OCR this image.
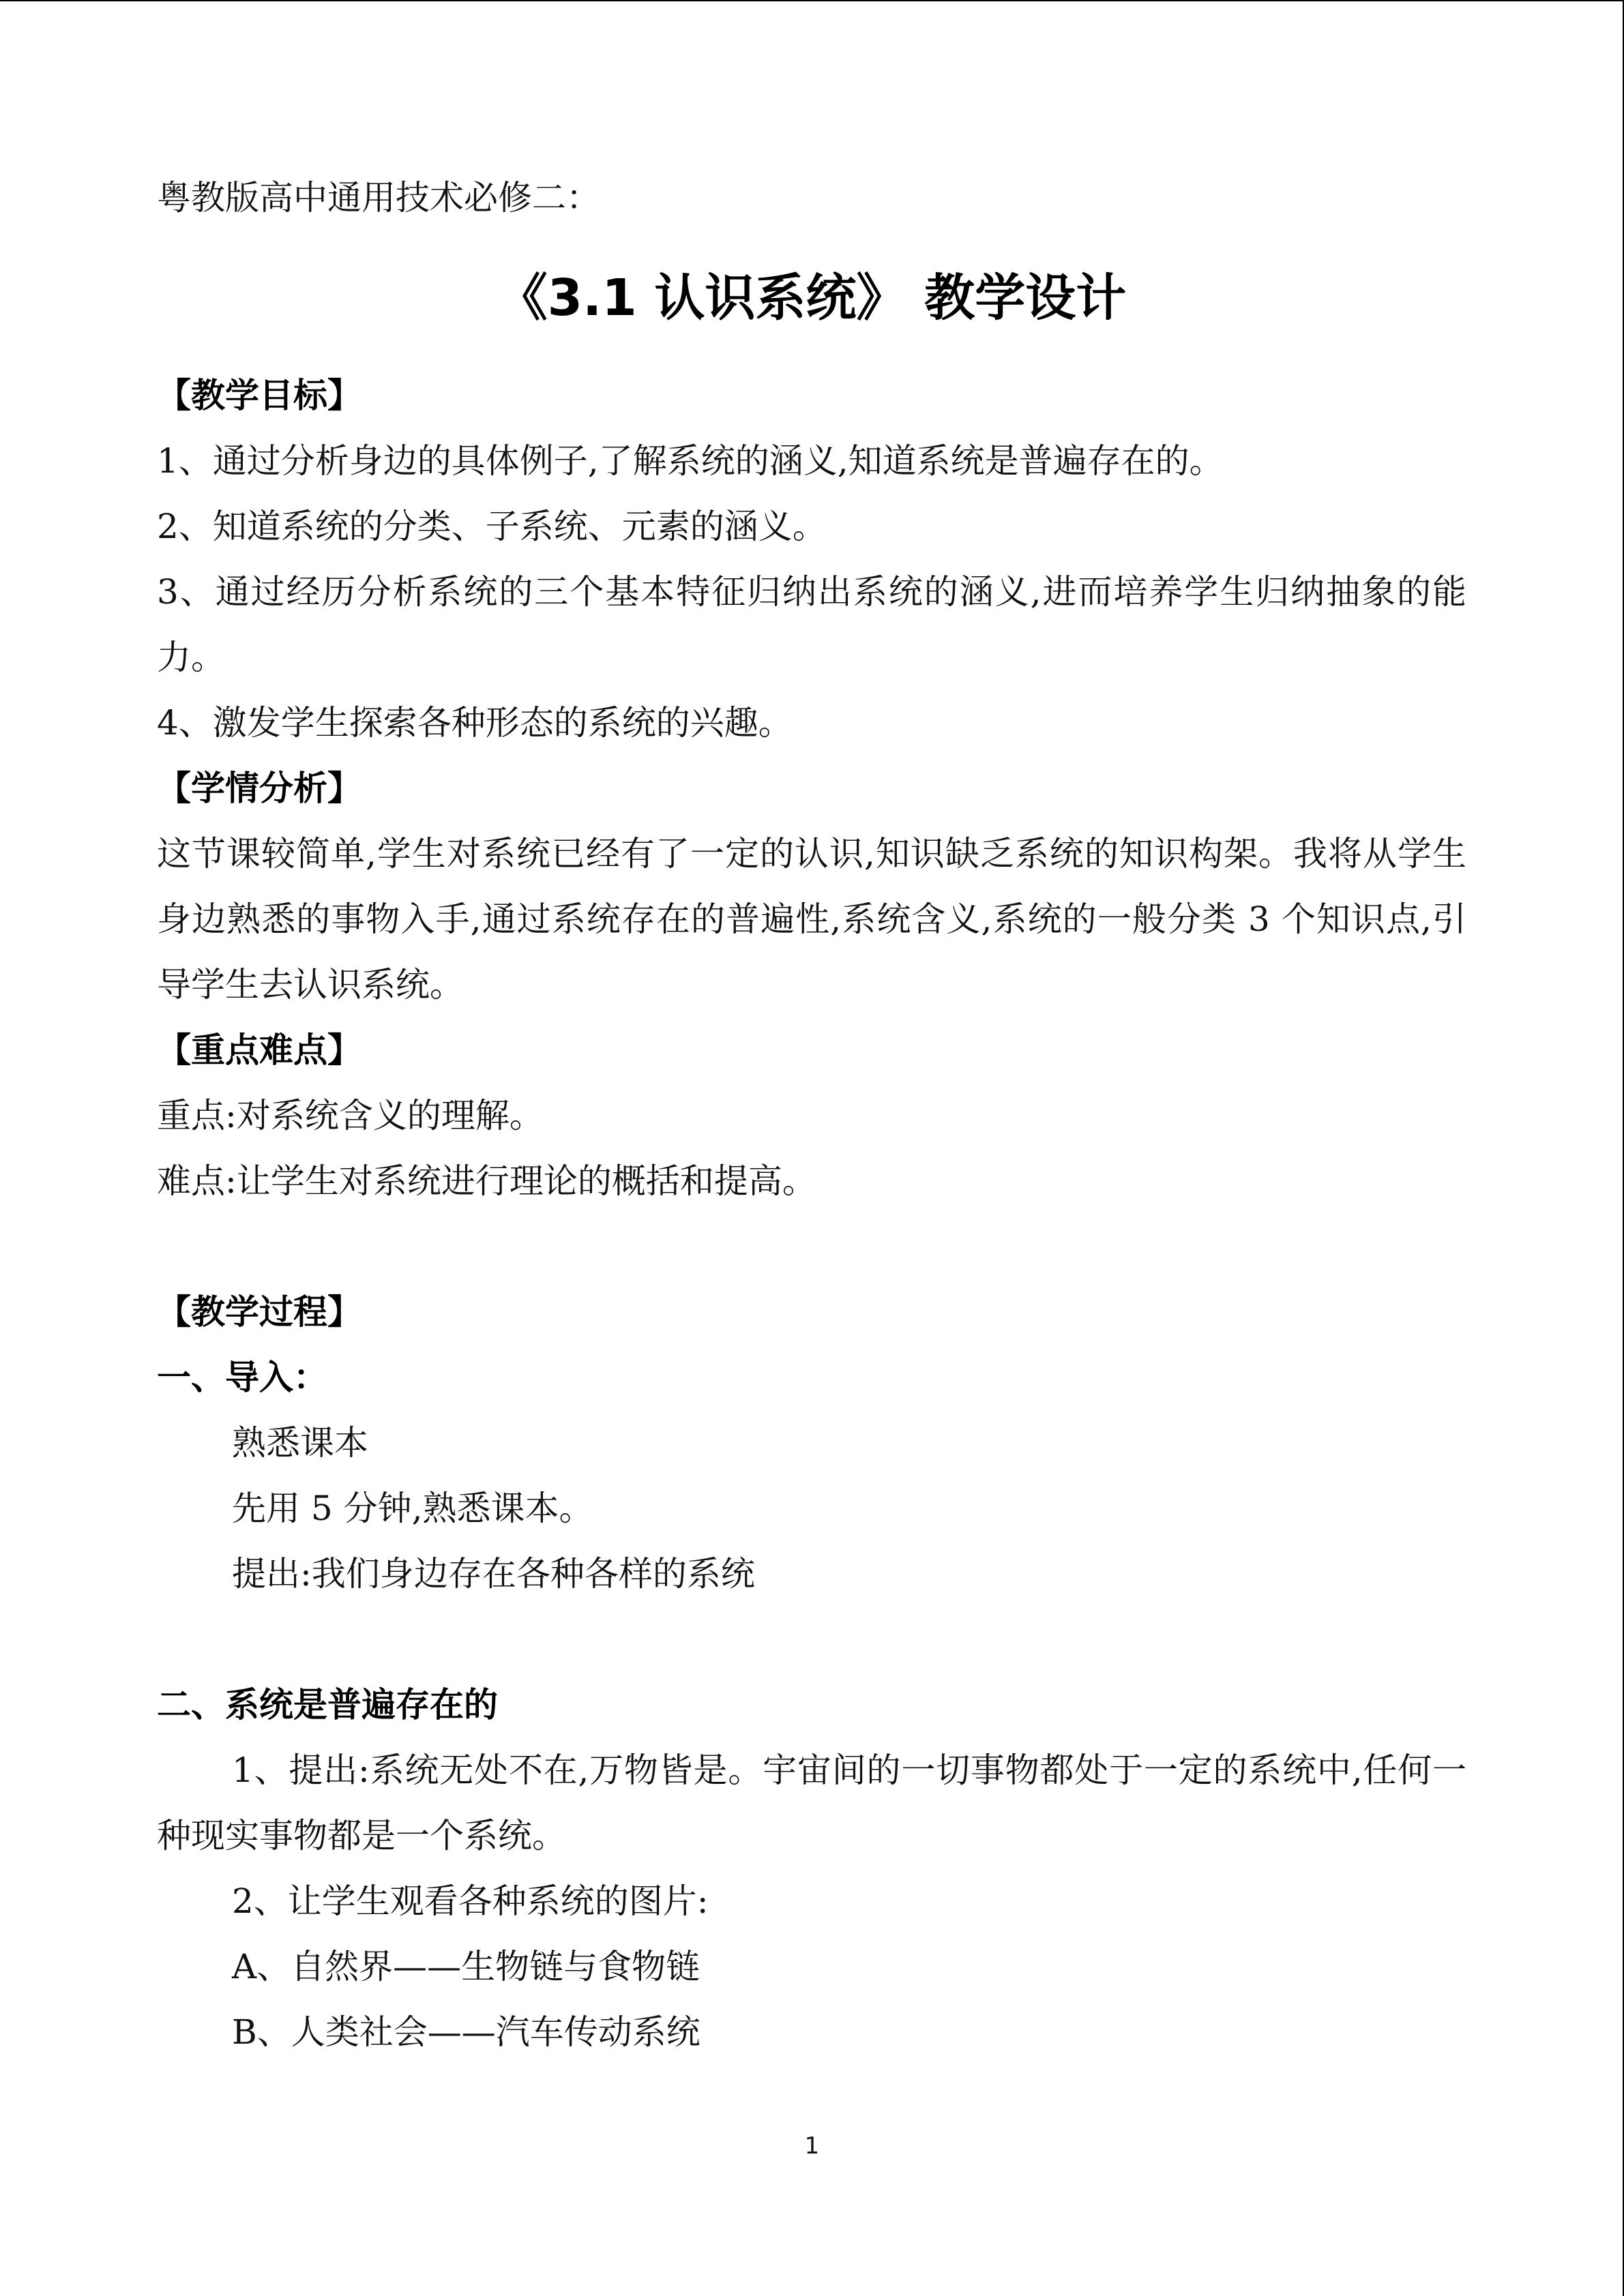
粤教版高中通用技术必修二：
《3.1 认识系统》 教学设计
【教学目标】
1、通过分析身边的具体例子,了解系统的涵义,知道系统是普遍存在的。
2、知道系统的分类、子系统、元素的涵义。
3、通过经历分析系统的三个基本特征归纳出系统的涵义,进而培养学生归纳抽象的能力。
4、激发学生探索各种形态的系统的兴趣。
【学情分析】
这节课较简单,学生对系统已经有了一定的认识,知识缺乏系统的知识构架。我将从学生身边熟悉的事物入手,通过系统存在的普遍性,系统含义,系统的一般分类 3 个知识点,引导学生去认识系统。
【重点难点】
重点:对系统含义的理解。
难点:让学生对系统进行理论的概括和提高。
【教学过程】
一、导入：
熟悉课本
先用 5 分钟,熟悉课本。
提出:我们身边存在各种各样的系统
二、系统是普遍存在的
1、提出:系统无处不在,万物皆是。宇宙间的一切事物都处于一定的系统中,任何一种现实事物都是一个系统。
2、让学生观看各种系统的图片:
A、自然界——生物链与食物链
B、人类社会——汽车传动系统
1
